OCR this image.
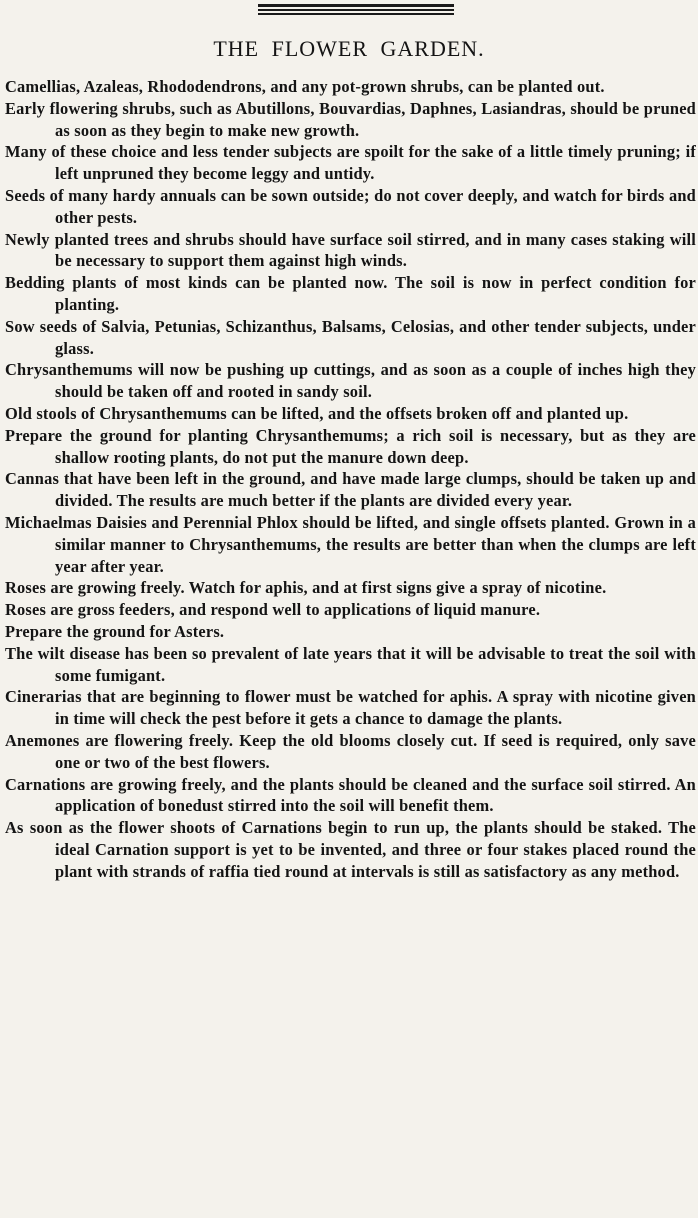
THE FLOWER GARDEN.
Camellias, Azaleas, Rhododendrons, and any pot-grown shrubs, can be planted out.
Early flowering shrubs, such as Abutillons, Bouvardias, Daphnes, Lasiandras, should be pruned as soon as they begin to make new growth.
Many of these choice and less tender subjects are spoilt for the sake of a little timely pruning; if left unpruned they become leggy and untidy.
Seeds of many hardy annuals can be sown outside; do not cover deeply, and watch for birds and other pests.
Newly planted trees and shrubs should have surface soil stirred, and in many cases staking will be necessary to support them against high winds.
Bedding plants of most kinds can be planted now. The soil is now in perfect condition for planting.
Sow seeds of Salvia, Petunias, Schizanthus, Balsams, Celosias, and other tender subjects, under glass.
Chrysanthemums will now be pushing up cuttings, and as soon as a couple of inches high they should be taken off and rooted in sandy soil.
Old stools of Chrysanthemums can be lifted, and the offsets broken off and planted up.
Prepare the ground for planting Chrysanthemums; a rich soil is necessary, but as they are shallow rooting plants, do not put the manure down deep.
Cannas that have been left in the ground, and have made large clumps, should be taken up and divided. The results are much better if the plants are divided every year.
Michaelmas Daisies and Perennial Phlox should be lifted, and single offsets planted. Grown in a similar manner to Chrysanthemums, the results are better than when the clumps are left year after year.
Roses are growing freely. Watch for aphis, and at first signs give a spray of nicotine.
Roses are gross feeders, and respond well to applications of liquid manure.
Prepare the ground for Asters.
The wilt disease has been so prevalent of late years that it will be advisable to treat the soil with some fumigant.
Cinerarias that are beginning to flower must be watched for aphis. A spray with nicotine given in time will check the pest before it gets a chance to damage the plants.
Anemones are flowering freely. Keep the old blooms closely cut. If seed is required, only save one or two of the best flowers.
Carnations are growing freely, and the plants should be cleaned and the surface soil stirred. An application of bonedust stirred into the soil will benefit them.
As soon as the flower shoots of Carnations begin to run up, the plants should be staked. The ideal Carnation support is yet to be invented, and three or four stakes placed round the plant with strands of raffia tied round at intervals is still as satisfactory as any method.
